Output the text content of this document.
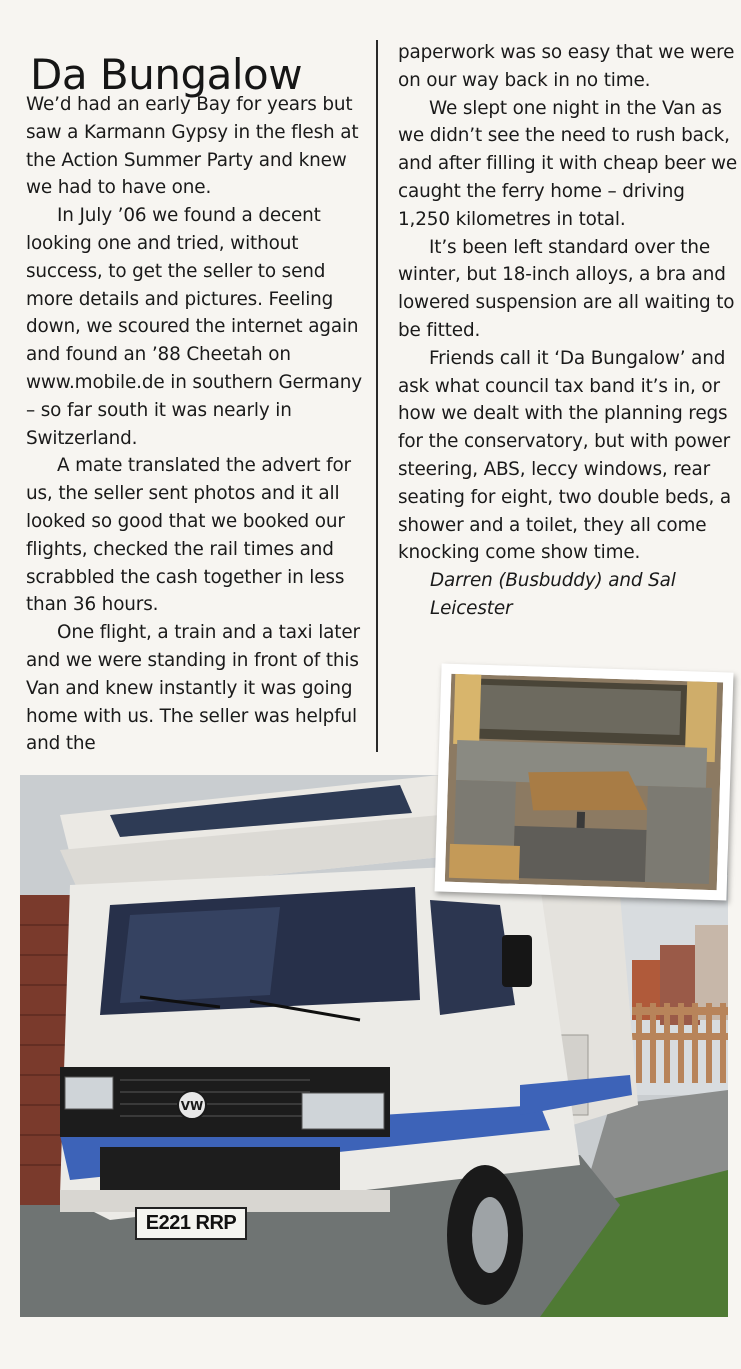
Da Bungalow

We’d had an early Bay for years but saw a Karmann Gypsy in the flesh at the Action Summer Party and knew we had to have one.

In July ’06 we found a decent looking one and tried, without success, to get the seller to send more details and pictures. Feeling down, we scoured the internet again and found an ’88 Cheetah on www.mobile.de in southern Germany – so far south it was nearly in Switzerland.

A mate translated the advert for us, the seller sent photos and it all looked so good that we booked our flights, checked the rail times and scrabbled the cash together in less than 36 hours.

One flight, a train and a taxi later and we were standing in front of this Van and knew instantly it was going home with us. The seller was helpful and the

paperwork was so easy that we were on our way back in no time.

We slept one night in the Van as we didn’t see the need to rush back, and after filling it with cheap beer we caught the ferry home – driving 1,250 kilometres in total.

It’s been left standard over the winter, but 18-inch alloys, a bra and lowered suspension are all waiting to be fitted.

Friends call it ‘Da Bungalow’ and ask what council tax band it’s in, or how we dealt with the planning regs for the conservatory, but with power steering, ABS, leccy windows, rear seating for eight, two double beds, a shower and a toilet, they all come knocking come show time.

Darren (Busbuddy) and Sal

Leicester

VW
E221 RRP
